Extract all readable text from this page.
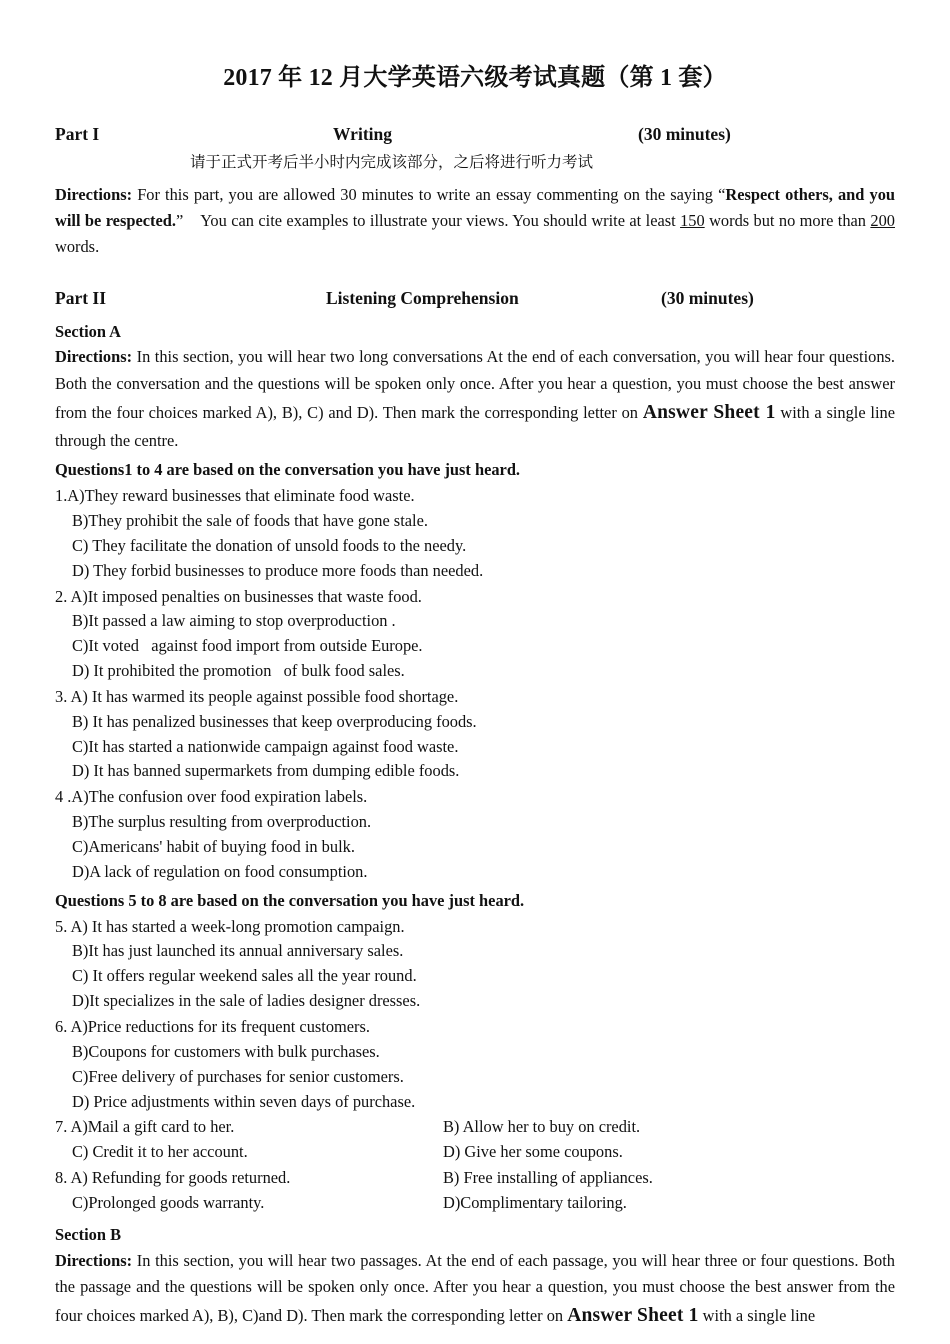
2017 年 12 月大学英语六级考试真题（第 1 套）
Part I	Writing	(30 minutes)
请于正式开考后半小时内完成该部分，之后将进行听力考试

Directions: For this part, you are allowed 30 minutes to write an essay commenting on the saying “Respect others, and you will be respected.”    You can cite examples to illustrate your views. You should write at least 150 words but no more than 200 words.

Part II	Listening Comprehension	(30 minutes)
Section A

Directions: In this section, you will hear two long conversations At the end of each conversation, you will hear four questions. Both the conversation and the questions will be spoken only once. After you hear a question, you must choose the best answer from the four choices marked A), B), C) and D). Then mark the corresponding letter on Answer Sheet 1 with a single line through the centre.

Questions1 to 4 are based on the conversation you have just heard.
1.A)They reward businesses that eliminate food waste.
B)They prohibit the sale of foods that have gone stale.
C) They facilitate the donation of unsold foods to the needy.
D) They forbid businesses to produce more foods than needed.
2. A)It imposed penalties on businesses that waste food.
B)It passed a law aiming to stop overproduction .
C)It voted   against food import from outside Europe.
D) It prohibited the promotion   of bulk food sales.
3. A) It has warmed its people against possible food shortage.
B) It has penalized businesses that keep overproducing foods.
C)It has started a nationwide campaign against food waste.
D) It has banned supermarkets from dumping edible foods.
4 .A)The confusion over food expiration labels.
B)The surplus resulting from overproduction.
C)Americans' habit of buying food in bulk.
D)A lack of regulation on food consumption.
Questions 5 to 8 are based on the conversation you have just heard.
5. A) It has started a week-long promotion campaign.
B)It has just launched its annual anniversary sales.
C) It offers regular weekend sales all the year round.
D)It specializes in the sale of ladies designer dresses.
6. A)Price reductions for its frequent customers.
B)Coupons for customers with bulk purchases.
C)Free delivery of purchases for senior customers.
D) Price adjustments within seven days of purchase.
7. A)Mail a gift card to her.	B) Allow her to buy on credit.
C) Credit it to her account.	D) Give her some coupons.
8. A) Refunding for goods returned.	B) Free installing of appliances.
C)Prolonged goods warranty.	D)Complimentary tailoring.
Section B

Directions: In this section, you will hear two passages. At the end of each passage, you will hear three or four questions. Both the passage and the questions will be spoken only once. After you hear a question, you must choose the best answer from the four choices marked A), B), C)and D). Then mark the corresponding letter on Answer Sheet 1 with a single line
